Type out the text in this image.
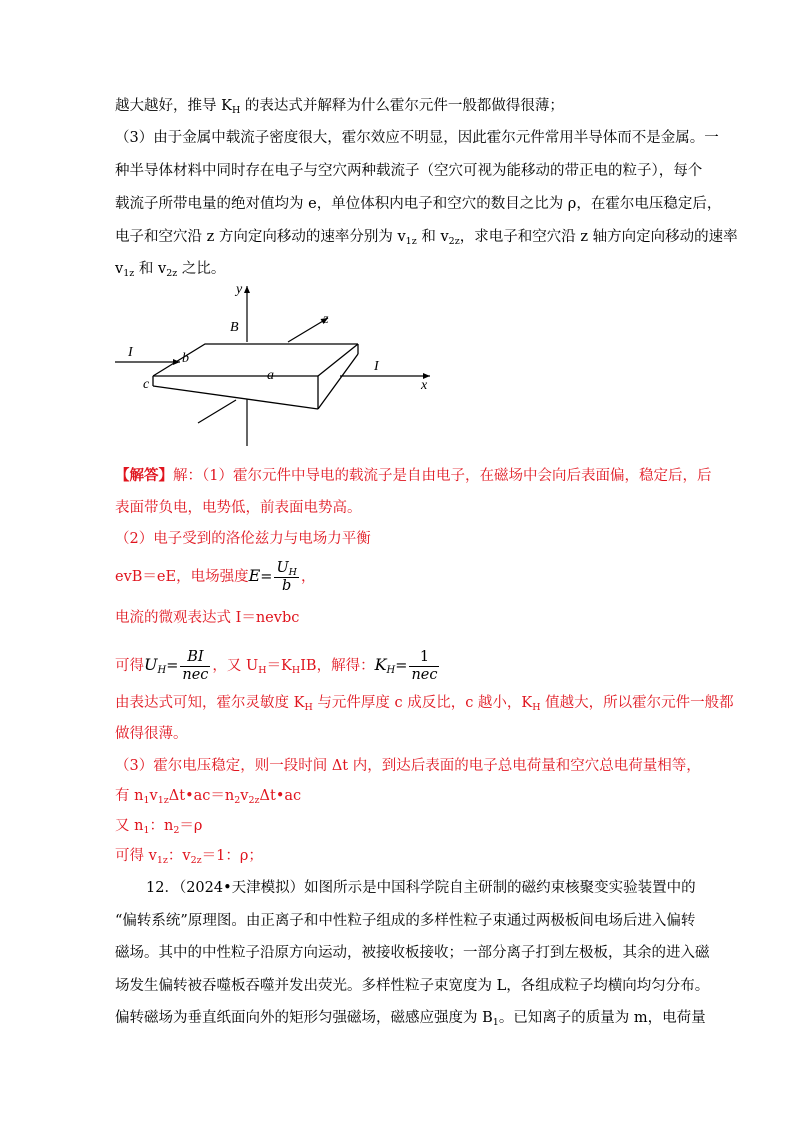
越大越好，推导 $K_H$ 的表达式并解释为什么霍尔元件一般都做得很薄；
（3）由于金属中载流子密度很大，霍尔效应不明显，因此霍尔元件常用半导体而不是金属。一
种半导体材料中同时存在电子与空穴两种载流子（空穴可视为能移动的带正电的粒子），每个
载流子所带电量的绝对值均为 e，单位体积内电子和空穴的数目之比为 ρ，在霍尔电压稳定后，
电子和空穴沿 z 方向定向移动的速率分别为 $v_{1z}$ 和 $v_{2z}$，求电子和空穴沿 z 轴方向定向移动的速率
$v_{1z}$ 和 $v_{2z}$ 之比。
y
B
z
I	b
a
I
c	x
【解答】解：（1）霍尔元件中导电的载流子是自由电子，在磁场中会向后表面偏，稳定后，后
表面带负电，电势低，前表面电势高。
（2）电子受到的洛伦兹力与电场力平衡
evB＝eE，电场强度$E= \frac{U_H}{b}$ ，
电流的微观表达式 I＝nevbc
可得$U_H= \frac{BI}{\text{nec}}$ ，又 $U_H=K_HIB$，解得：$K_H= \frac{1}{\text{nec}}$
由表达式可知，霍尔灵敏度 $K_H$ 与元件厚度 c 成反比，c 越小，$K_H$ 值越大，所以霍尔元件一般都
做得很薄。
（3）霍尔电压稳定，则一段时间 Δt 内，到达后表面的电子总电荷量和空穴总电荷量相等，
有 $n_1v_{1z}\Delta t•ac=n_2v_{2z}\Delta t•ac$
又 $n_1$：$n_2=\rho$
可得 $v_{1z}$：$v_{2z}=1$：ρ；
12．（2024•天津模拟）如图所示是中国科学院自主研制的磁约束核聚变实验装置中的
“偏转系统”原理图。由正离子和中性粒子组成的多样性粒子束通过两极板间电场后进入偏转
磁场。其中的中性粒子沿原方向运动，被接收板接收；一部分离子打到左极板，其余的进入磁
场发生偏转被吞噬板吞噬并发出荧光。多样性粒子束宽度为 L，各组成粒子均横向均匀分布。
偏转磁场为垂直纸面向外的矩形匀强磁场，磁感应强度为 $B_1$。已知离子的质量为 m，电荷量
